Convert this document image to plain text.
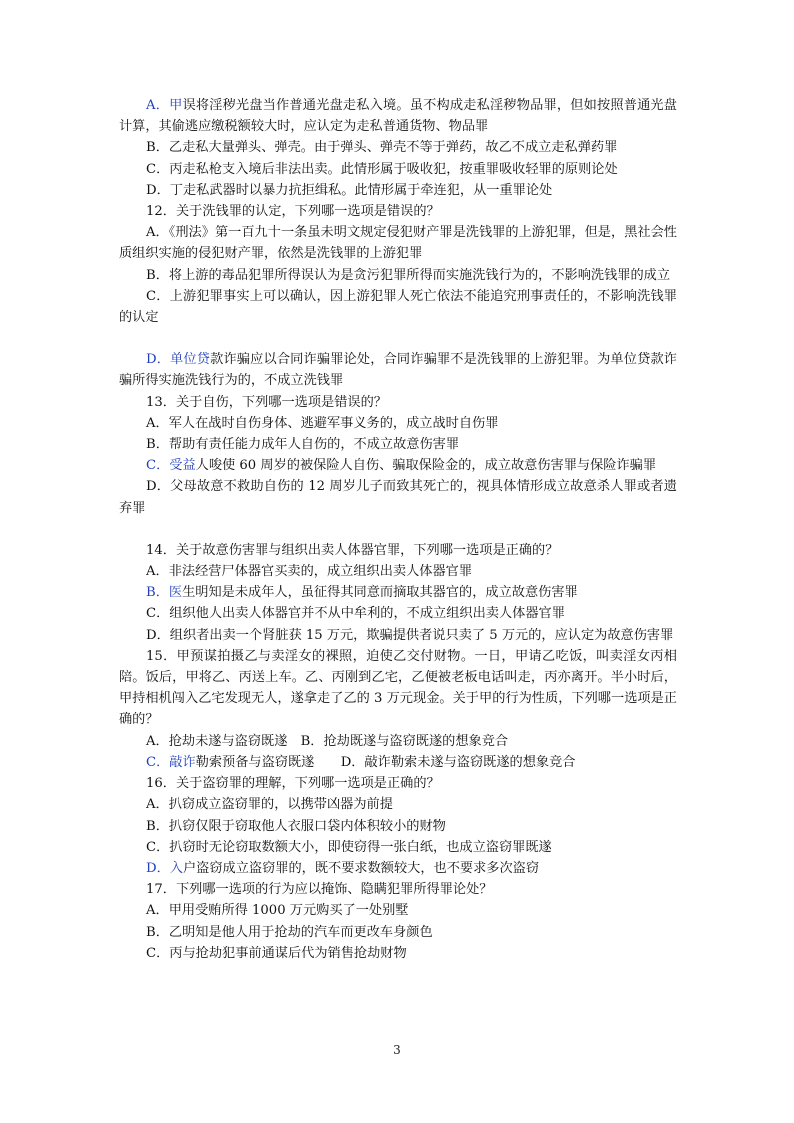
A．甲误将淫秽光盘当作普通光盘走私入境。虽不构成走私淫秽物品罪，但如按照普通光盘计算，其偷逃应缴税额较大时，应认定为走私普通货物、物品罪

B．乙走私大量弹头、弹壳。由于弹头、弹壳不等于弹药，故乙不成立走私弹药罪

C．丙走私枪支入境后非法出卖。此情形属于吸收犯，按重罪吸收轻罪的原则论处

D．丁走私武器时以暴力抗拒缉私。此情形属于牵连犯，从一重罪论处

12．关于洗钱罪的认定，下列哪一选项是错误的？

A．《刑法》第一百九十一条虽未明文规定侵犯财产罪是洗钱罪的上游犯罪，但是，黑社会性质组织实施的侵犯财产罪，依然是洗钱罪的上游犯罪

B．将上游的毒品犯罪所得误认为是贪污犯罪所得而实施洗钱行为的，不影响洗钱罪的成立

C．上游犯罪事实上可以确认，因上游犯罪人死亡依法不能追究刑事责任的，不影响洗钱罪的认定

D．单位贷款诈骗应以合同诈骗罪论处，合同诈骗罪不是洗钱罪的上游犯罪。为单位贷款诈骗所得实施洗钱行为的，不成立洗钱罪

13．关于自伤，下列哪一选项是错误的？

A．军人在战时自伤身体、逃避军事义务的，成立战时自伤罪

B．帮助有责任能力成年人自伤的，不成立故意伤害罪

C．受益人唆使 60 周岁的被保险人自伤、骗取保险金的，成立故意伤害罪与保险诈骗罪

D．父母故意不救助自伤的 12 周岁儿子而致其死亡的，视具体情形成立故意杀人罪或者遗弃罪

14．关于故意伤害罪与组织出卖人体器官罪，下列哪一选项是正确的？

A．非法经营尸体器官买卖的，成立组织出卖人体器官罪

B．医生明知是未成年人，虽征得其同意而摘取其器官的，成立故意伤害罪

C．组织他人出卖人体器官并不从中牟利的，不成立组织出卖人体器官罪

D．组织者出卖一个肾脏获 15 万元，欺骗提供者说只卖了 5 万元的，应认定为故意伤害罪

15．甲预谋拍摄乙与卖淫女的裸照，迫使乙交付财物。一日，甲请乙吃饭，叫卖淫女丙相陪。饭后，甲将乙、丙送上车。乙、丙刚到乙宅，乙便被老板电话叫走，丙亦离开。半小时后，甲持相机闯入乙宅发现无人，遂拿走了乙的 3 万元现金。关于甲的行为性质，下列哪一选项是正确的？

A．抢劫未遂与盗窃既遂　B．抢劫既遂与盗窃既遂的想象竞合

C．敲诈勒索预备与盗窃既遂　　D．敲诈勒索未遂与盗窃既遂的想象竞合

16．关于盗窃罪的理解，下列哪一选项是正确的？

A．扒窃成立盗窃罪的，以携带凶器为前提

B．扒窃仅限于窃取他人衣服口袋内体积较小的财物

C．扒窃时无论窃取数额大小，即使窃得一张白纸，也成立盗窃罪既遂

D．入户盗窃成立盗窃罪的，既不要求数额较大，也不要求多次盗窃

17．下列哪一选项的行为应以掩饰、隐瞒犯罪所得罪论处？

A．甲用受贿所得 1000 万元购买了一处别墅

B．乙明知是他人用于抢劫的汽车而更改车身颜色

C．丙与抢劫犯事前通谋后代为销售抢劫财物

3
